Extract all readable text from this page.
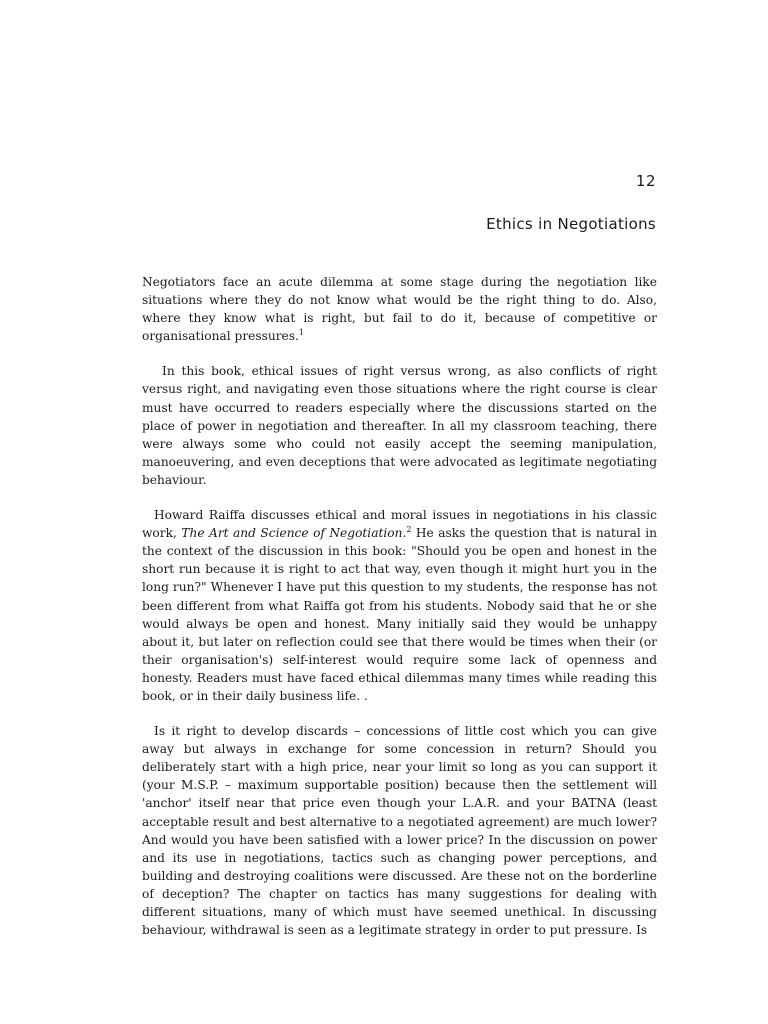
12
Ethics in Negotiations

Negotiators face an acute dilemma at some stage during the negotiation like situations where they do not know what would be the right thing to do. Also, where they know what is right, but fail to do it, because of competitive or organisational pressures.$^1$

In this book, ethical issues of right versus wrong, as also conflicts of right versus right, and navigating even those situations where the right course is clear must have occurred to readers especially where the discussions started on the place of power in negotiation and thereafter. In all my classroom teaching, there were always some who could not easily accept the seeming manipulation, manoeuvering, and even deceptions that were advocated as legitimate negotiating behaviour.

Howard Raiffa discusses ethical and moral issues in negotiations in his classic work, The Art and Science of Negotiation.$^2$ He asks the question that is natural in the context of the discussion in this book: "Should you be open and honest in the short run because it is right to act that way, even though it might hurt you in the long run?" Whenever I have put this question to my students, the response has not been different from what Raiffa got from his students. Nobody said that he or she would always be open and honest. Many initially said they would be unhappy about it, but later on reflection could see that there would be times when their (or their organisation's) self-interest would require some lack of openness and honesty. Readers must have faced ethical dilemmas many times while reading this book, or in their daily business life. .

Is it right to develop discards – concessions of little cost which you can give away but always in exchange for some concession in return? Should you deliberately start with a high price, near your limit so long as you can support it (your M.S.P. – maximum supportable position) because then the settlement will 'anchor' itself near that price even though your L.A.R. and your BATNA (least acceptable result and best alternative to a negotiated agreement) are much lower? And would you have been satisfied with a lower price? In the discussion on power and its use in negotiations, tactics such as changing power perceptions, and building and destroying coalitions were discussed. Are these not on the borderline of deception? The chapter on tactics has many suggestions for dealing with different situations, many of which must have seemed unethical. In discussing behaviour, withdrawal is seen as a legitimate strategy in order to put pressure. Is
